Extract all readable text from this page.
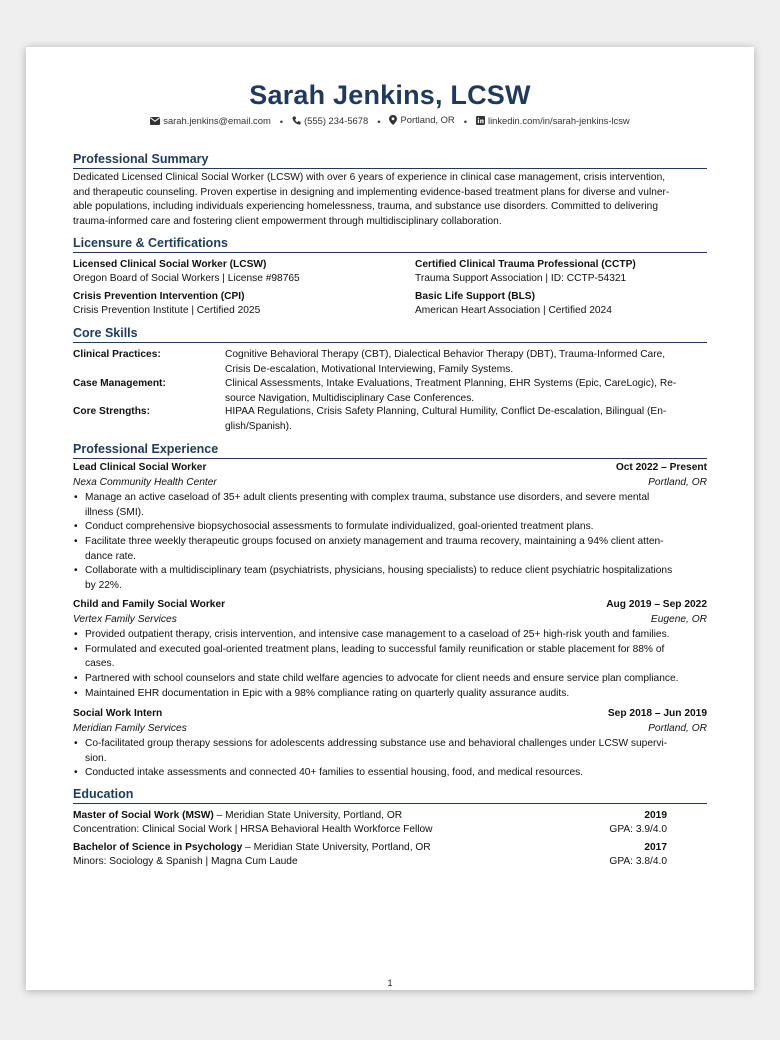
Sarah Jenkins, LCSW
sarah.jenkins@email.com • (555) 234-5678 • Portland, OR • linkedin.com/in/sarah-jenkins-lcsw
Professional Summary
Dedicated Licensed Clinical Social Worker (LCSW) with over 6 years of experience in clinical case management, crisis intervention,
and therapeutic counseling. Proven expertise in designing and implementing evidence-based treatment plans for diverse and vulner-
able populations, including individuals experiencing homelessness, trauma, and substance use disorders. Committed to delivering
trauma-informed care and fostering client empowerment through multidisciplinary collaboration.
Licensure & Certifications
Licensed Clinical Social Worker (LCSW)
Oregon Board of Social Workers | License #98765
Certified Clinical Trauma Professional (CCTP)
Trauma Support Association | ID: CCTP-54321
Crisis Prevention Intervention (CPI)
Crisis Prevention Institute | Certified 2025
Basic Life Support (BLS)
American Heart Association | Certified 2024
Core Skills
Clinical Practices:	Cognitive Behavioral Therapy (CBT), Dialectical Behavior Therapy (DBT), Trauma-Informed Care,
Crisis De-escalation, Motivational Interviewing, Family Systems.
Case Management:	Clinical Assessments, Intake Evaluations, Treatment Planning, EHR Systems (Epic, CareLogic), Re-
source Navigation, Multidisciplinary Case Conferences.
Core Strengths:	HIPAA Regulations, Crisis Safety Planning, Cultural Humility, Conflict De-escalation, Bilingual (En-
glish/Spanish).
Professional Experience
Lead Clinical Social Worker	Oct 2022 – Present
Nexa Community Health Center	Portland, OR
• Manage an active caseload of 35+ adult clients presenting with complex trauma, substance use disorders, and severe mental
illness (SMI).
• Conduct comprehensive biopsychosocial assessments to formulate individualized, goal-oriented treatment plans.
• Facilitate three weekly therapeutic groups focused on anxiety management and trauma recovery, maintaining a 94% client atten-
dance rate.
• Collaborate with a multidisciplinary team (psychiatrists, physicians, housing specialists) to reduce client psychiatric hospitalizations
by 22%.
Child and Family Social Worker	Aug 2019 – Sep 2022
Vertex Family Services	Eugene, OR
• Provided outpatient therapy, crisis intervention, and intensive case management to a caseload of 25+ high-risk youth and families.
• Formulated and executed goal-oriented treatment plans, leading to successful family reunification or stable placement for 88% of
cases.
• Partnered with school counselors and state child welfare agencies to advocate for client needs and ensure service plan compliance.
• Maintained EHR documentation in Epic with a 98% compliance rating on quarterly quality assurance audits.
Social Work Intern	Sep 2018 – Jun 2019
Meridian Family Services	Portland, OR
• Co-facilitated group therapy sessions for adolescents addressing substance use and behavioral challenges under LCSW supervi-
sion.
• Conducted intake assessments and connected 40+ families to essential housing, food, and medical resources.
Education
Master of Social Work (MSW) – Meridian State University, Portland, OR	2019
Concentration: Clinical Social Work | HRSA Behavioral Health Workforce Fellow	GPA: 3.9/4.0
Bachelor of Science in Psychology – Meridian State University, Portland, OR	2017
Minors: Sociology & Spanish | Magna Cum Laude	GPA: 3.8/4.0
1
